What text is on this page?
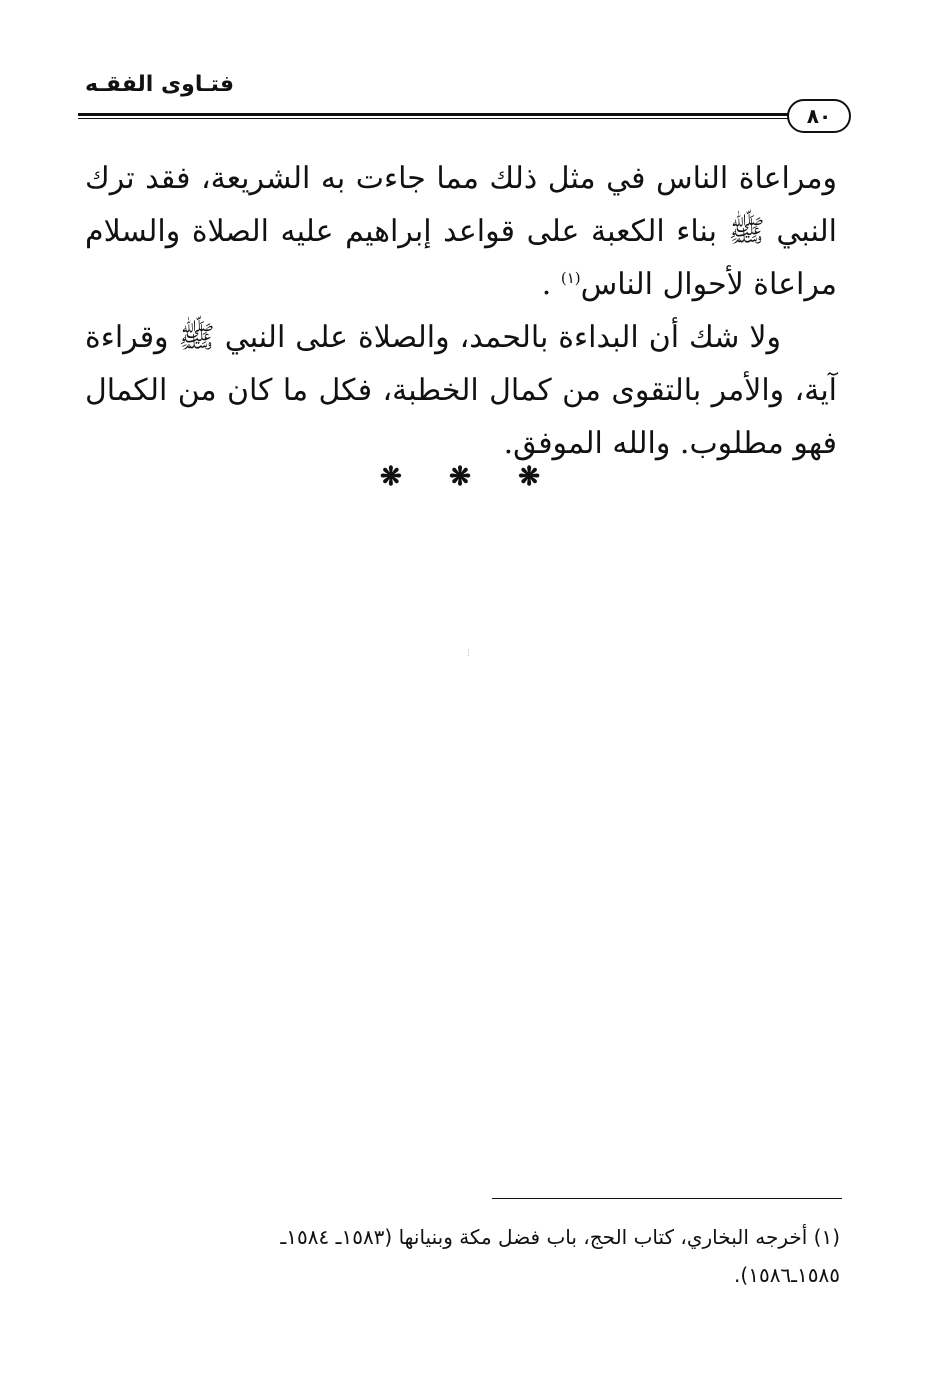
فتـاوى الفقـه
٨٠

ومراعاة الناس في مثل ذلك مما جاءت به الشريعة، فقد ترك النبي ﷺ بناء الكعبة على قواعد إبراهيم عليه الصلاة والسلام مراعاة لأحوال الناس$^{(١)}$ .

ولا شك أن البداءة بالحمد، والصلاة على النبي ﷺ وقراءة آية، والأمر بالتقوى من كمال الخطبة، فكل ما كان من الكمال فهو مطلوب. والله الموفق.

❋ ❋ ❋
⁝

(١) أخرجه البخاري، كتاب الحج، باب فضل مكة وبنيانها (١٥٨٣ـ ١٥٨٤ـ

١٥٨٥ـ١٥٨٦).
